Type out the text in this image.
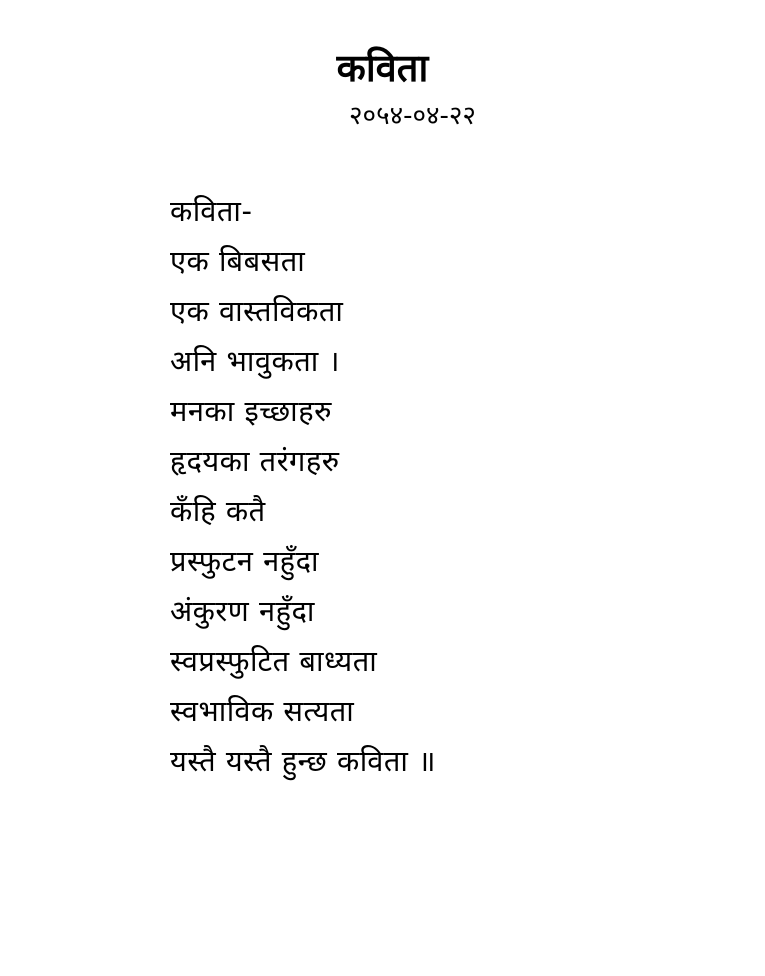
कविता
२०५४-०४-२२
कविता-
एक बिबसता
एक वास्तविकता
अनि भावुकता ।
मनका इच्छाहरु
हृदयका तरंगहरु
कँहि कतै
प्रस्फुटन नहुँदा
अंकुरण नहुँदा
स्वप्रस्फुटित बाध्यता
स्वभाविक सत्यता
यस्तै यस्तै हुन्छ कविता ॥
